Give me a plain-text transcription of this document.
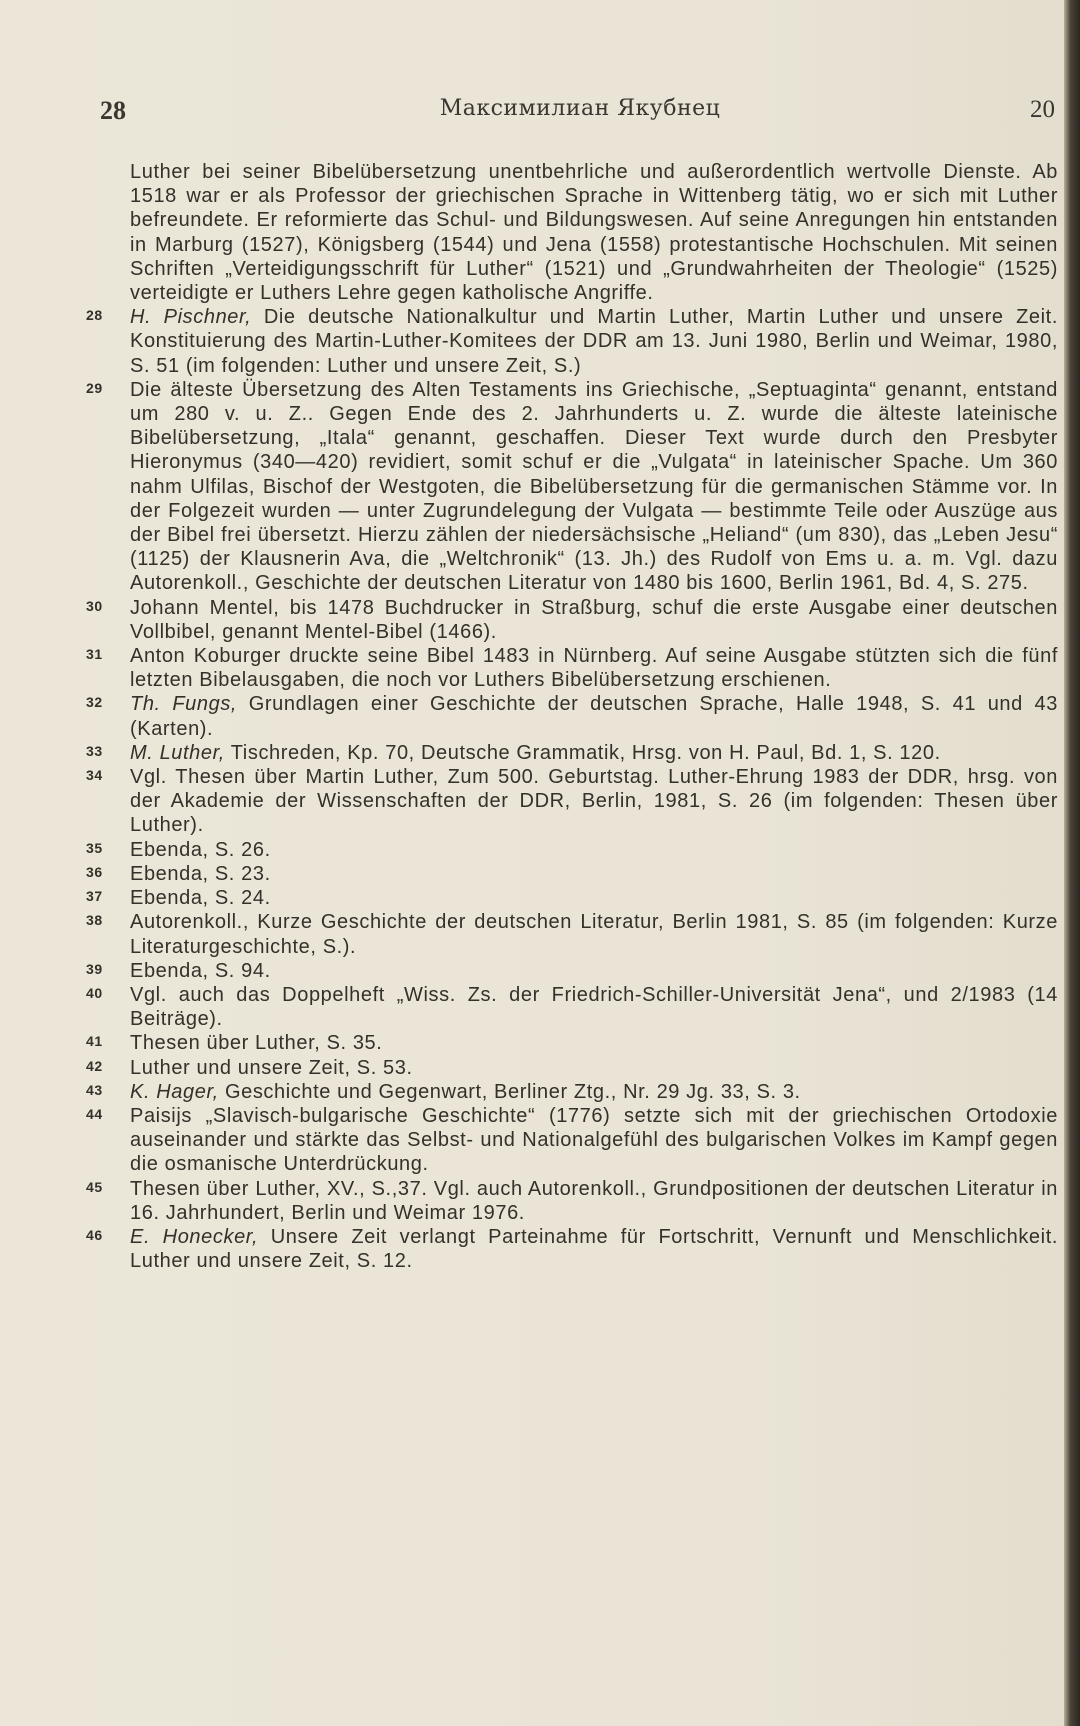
28	Максимилиан Якубнец	20

Luther bei seiner Bibelübersetzung unentbehrliche und außerordentlich wertvolle Dienste. Ab 1518 war er als Professor der griechischen Sprache in Wittenberg tätig, wo er sich mit Luther befreundete. Er reformierte das Schul- und Bildungswesen. Auf seine Anregungen hin entstanden in Marburg (1527), Königsberg (1544) und Jena (1558) protestantische Hochschulen. Mit seinen Schriften „Verteidigungsschrift für Luther“ (1521) und „Grundwahrheiten der Theologie“ (1525) verteidigte er Luthers Lehre gegen katholische Angriffe.

28	H. Pischner, Die deutsche Nationalkultur und Martin Luther, Martin Luther und unsere Zeit. Konstituierung des Martin-Luther-Komitees der DDR am 13. Juni 1980, Berlin und Weimar, 1980, S. 51 (im folgenden: Luther und unsere Zeit, S.)
29	Die älteste Übersetzung des Alten Testaments ins Griechische, „Septuaginta“ genannt, entstand um 280 v. u. Z.. Gegen Ende des 2. Jahrhunderts u. Z. wurde die älteste lateinische Bibelübersetzung, „Itala“ genannt, geschaffen. Dieser Text wurde durch den Presbyter Hieronymus (340—420) revidiert, somit schuf er die „Vulgata“ in lateinischer Spache. Um 360 nahm Ulfilas, Bischof der Westgoten, die Bibelübersetzung für die germanischen Stämme vor. In der Folgezeit wurden — unter Zugrundelegung der Vulgata — bestimmte Teile oder Auszüge aus der Bibel frei übersetzt. Hierzu zählen der niedersächsische „Heliand“ (um 830), das „Leben Jesu“ (1125) der Klausnerin Ava, die „Weltchronik“ (13. Jh.) des Rudolf von Ems u. a. m. Vgl. dazu Autorenkoll., Geschichte der deutschen Literatur von 1480 bis 1600, Berlin 1961, Bd. 4, S. 275.
30	Johann Mentel, bis 1478 Buchdrucker in Straßburg, schuf die erste Ausgabe einer deutschen Vollbibel, genannt Mentel-Bibel (1466).
31	Anton Koburger druckte seine Bibel 1483 in Nürnberg. Auf seine Ausgabe stützten sich die fünf letzten Bibelausgaben, die noch vor Luthers Bibelübersetzung erschienen.
32	Th. Fungs, Grundlagen einer Geschichte der deutschen Sprache, Halle 1948, S. 41 und 43 (Karten).
33	M. Luther, Tischreden, Kp. 70, Deutsche Grammatik, Hrsg. von H. Paul, Bd. 1, S. 120.
34	Vgl. Thesen über Martin Luther, Zum 500. Geburtstag. Luther-Ehrung 1983 der DDR, hrsg. von der Akademie der Wissenschaften der DDR, Berlin, 1981, S. 26 (im folgenden: Thesen über Luther).
35	Ebenda, S. 26.
36	Ebenda, S. 23.
37	Ebenda, S. 24.
38	Autorenkoll., Kurze Geschichte der deutschen Literatur, Berlin 1981, S. 85 (im folgenden: Kurze Literaturgeschichte, S.).
39	Ebenda, S. 94.
40	Vgl. auch das Doppelheft „Wiss. Zs. der Friedrich-Schiller-Universität Jena“, und 2/1983 (14 Beiträge).
41	Thesen über Luther, S. 35.
42	Luther und unsere Zeit, S. 53.
43	K. Hager, Geschichte und Gegenwart, Berliner Ztg., Nr. 29 Jg. 33, S. 3.
44	Paisijs „Slavisch-bulgarische Geschichte“ (1776) setzte sich mit der griechischen Ortodoxie auseinander und stärkte das Selbst- und Nationalgefühl des bulgarischen Volkes im Kampf gegen die osmanische Unterdrückung.
45	Thesen über Luther, XV., S.,37. Vgl. auch Autorenkoll., Grundpositionen der deutschen Literatur in 16. Jahrhundert, Berlin und Weimar 1976.
46	E. Honecker, Unsere Zeit verlangt Parteinahme für Fortschritt, Vernunft und Menschlichkeit. Luther und unsere Zeit, S. 12.
